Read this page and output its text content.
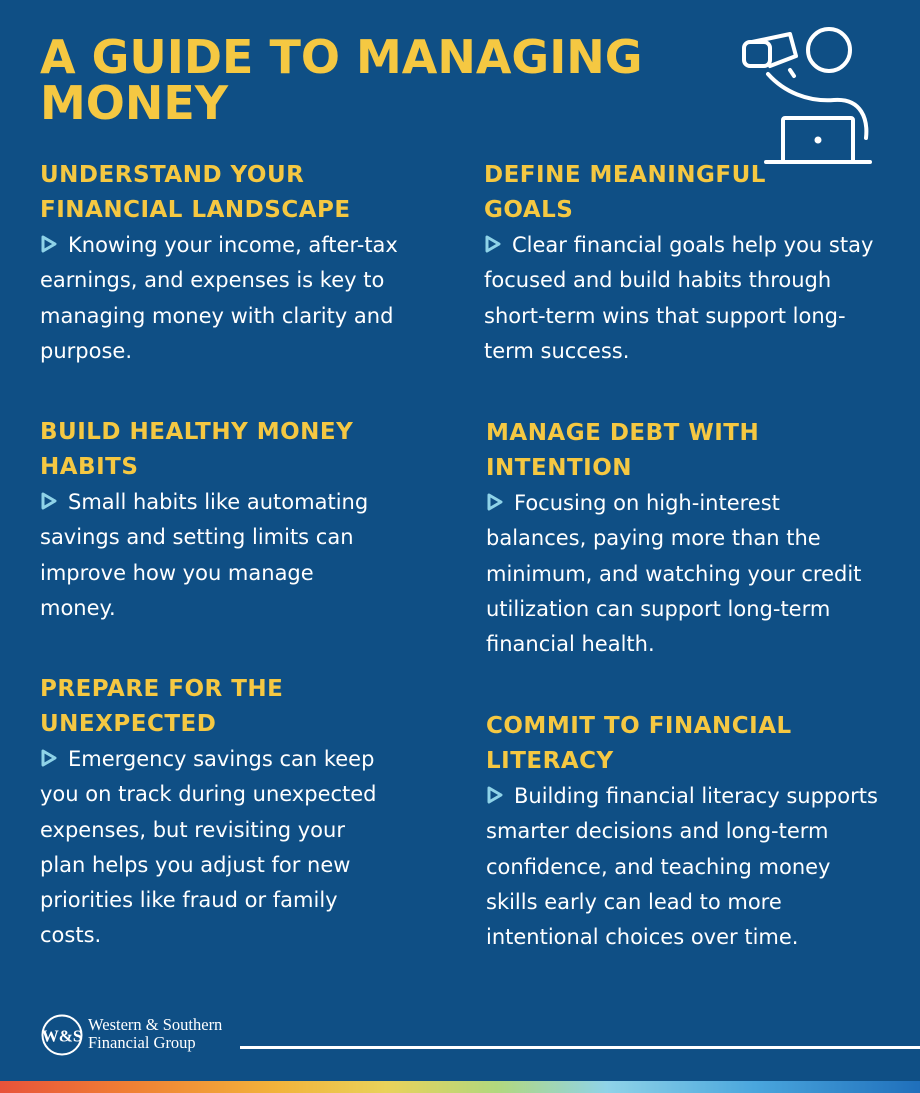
A GUIDE TO MANAGING MONEY
UNDERSTAND YOUR FINANCIAL LANDSCAPE

Knowing your income, after-tax earnings, and expenses is key to managing money with clarity and purpose.

DEFINE MEANINGFUL GOALS

Clear financial goals help you stay focused and build habits through short-term wins that support long-term success.

BUILD HEALTHY MONEY HABITS

Small habits like automating savings and setting limits can improve how you manage money.

MANAGE DEBT WITH INTENTION

Focusing on high-interest balances, paying more than the minimum, and watching your credit utilization can support long-term financial health.

PREPARE FOR THE UNEXPECTED

Emergency savings can keep you on track during unexpected expenses, but revisiting your plan helps you adjust for new priorities like fraud or family costs.

COMMIT TO FINANCIAL LITERACY

Building financial literacy supports smarter decisions and long-term confidence, and teaching money skills early can lead to more intentional choices over time.

W&S
Western & Southern
Financial Group
